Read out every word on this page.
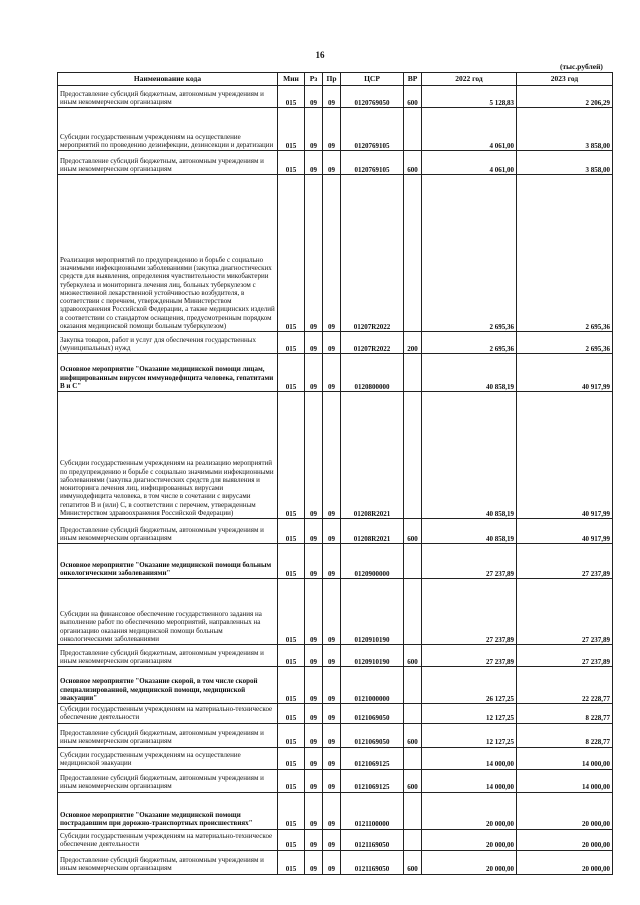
16
(тыс.рублей)
Наименование кода	Мин	Рз	Пр	ЦСР	ВР	2022 год	2023 год
Предоставление субсидий бюджетным, автономным учреждениям и иным некоммерческим организациям	015	09	09	0120769050	600	5 128,83	2 206,29
Субсидии государственным учреждениям на осуществление мероприятий по проведению дезинфекции, дезинсекции и дератизации	015	09	09	0120769105		4 061,00	3 858,00
Предоставление субсидий бюджетным, автономным учреждениям и иным некоммерческим организациям	015	09	09	0120769105	600	4 061,00	3 858,00
Реализация мероприятий по предупреждению и борьбе с социально значимыми инфекционными заболеваниями (закупка диагностических средств для выявления, определения чувствительности микобактерии туберкулеза и мониторинга лечения лиц, больных туберкулезом с множественной лекарственной устойчивостью возбудителя, в соответствии с перечнем, утвержденным Министерством здравоохранения Российской Федерации, а также медицинских изделий в соответствии со стандартом оснащения, предусмотренным порядком оказания медицинской помощи больным туберкулезом)	015	09	09	01207R2022		2 695,36	2 695,36
Закупка товаров, работ и услуг для обеспечения государственных (муниципальных) нужд	015	09	09	01207R2022	200	2 695,36	2 695,36
Основное мероприятие "Оказание медицинской помощи лицам, инфицированным вирусом иммунодефицита человека, гепатитами В и С"	015	09	09	0120800000		40 858,19	40 917,99
Субсидии государственным учреждениям на реализацию мероприятий по предупреждению и борьбе с социально значимыми инфекционными заболеваниями (закупка диагностических средств для выявления и мониторинга лечения лиц, инфицированных вирусами иммунодефицита человека, в том числе в сочетании с вирусами гепатитов В и (или) С, в соответствии с перечнем, утвержденным Министерством здравоохранения Российской Федерации)	015	09	09	01208R2021		40 858,19	40 917,99
Предоставление субсидий бюджетным, автономным учреждениям и иным некоммерческим организациям	015	09	09	01208R2021	600	40 858,19	40 917,99
Основное мероприятие "Оказание медицинской помощи больным онкологическими заболеваниями"	015	09	09	0120900000		27 237,89	27 237,89
Субсидии на финансовое обеспечение государственного задания на выполнение работ по обеспечению мероприятий, направленных на организацию оказания медицинской помощи больным онкологическими заболеваниями	015	09	09	0120910190		27 237,89	27 237,89
Предоставление субсидий бюджетным, автономным учреждениям и иным некоммерческим организациям	015	09	09	0120910190	600	27 237,89	27 237,89
Основное мероприятие "Оказание скорой, в том числе скорой специализированной, медицинской помощи, медицинской эвакуации"	015	09	09	0121000000		26 127,25	22 228,77
Субсидии государственным учреждениям на материально-техническое обеспечение деятельности	015	09	09	0121069050		12 127,25	8 228,77
Предоставление субсидий бюджетным, автономным учреждениям и иным некоммерческим организациям	015	09	09	0121069050	600	12 127,25	8 228,77
Субсидии государственным учреждениям на осуществление медицинской эвакуации	015	09	09	0121069125		14 000,00	14 000,00
Предоставление субсидий бюджетным, автономным учреждениям и иным некоммерческим организациям	015	09	09	0121069125	600	14 000,00	14 000,00
Основное мероприятие "Оказание медицинской помощи пострадавшим при дорожно-транспортных происшествиях"	015	09	09	0121100000		20 000,00	20 000,00
Субсидии государственным учреждениям на материально-техническое обеспечение деятельности	015	09	09	0121169050		20 000,00	20 000,00
Предоставление субсидий бюджетным, автономным учреждениям и иным некоммерческим организациям	015	09	09	0121169050	600	20 000,00	20 000,00
